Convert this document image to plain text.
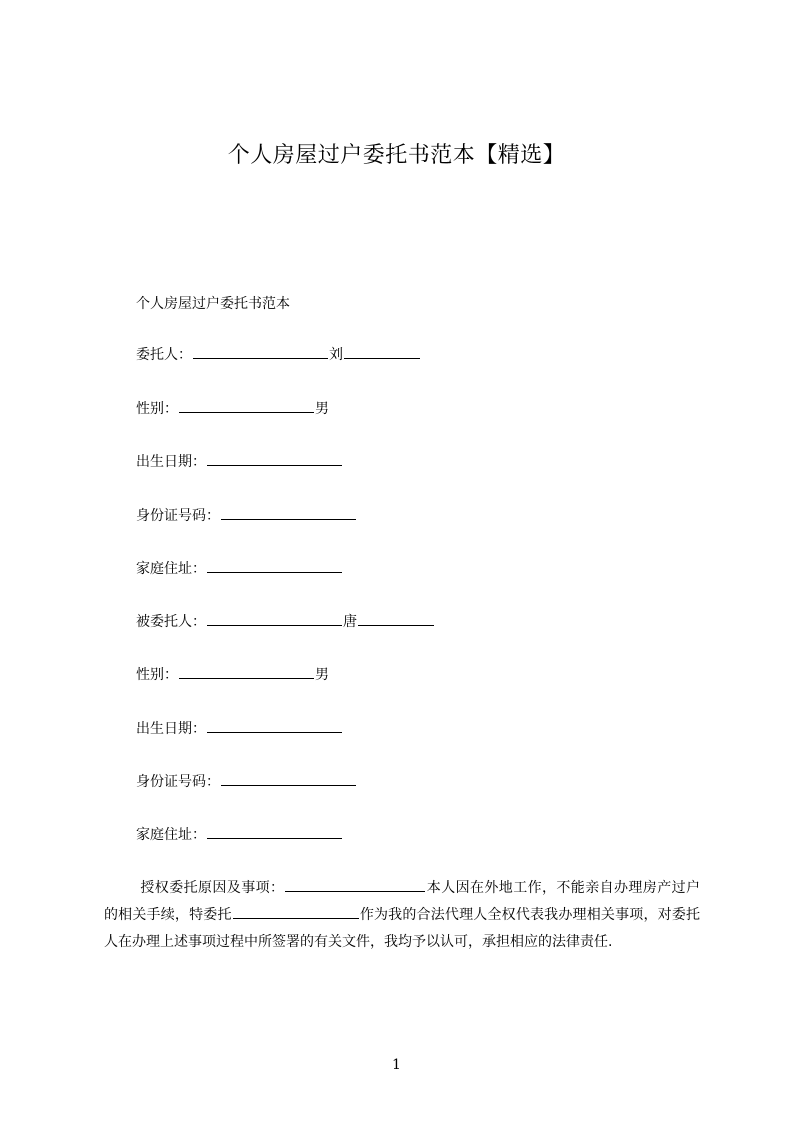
个人房屋过户委托书范本【精选】
个人房屋过户委托书范本
委托人：	刘
性别：	男
出生日期：
身份证号码：
家庭住址：
被委托人：	唐
性别：	男
出生日期：
身份证号码：
家庭住址：
授权委托原因及事项：	本人因在外地工作，不能亲自办理房产过户的相关手续，特委托	作为我的合法代理人全权代表我办理相关事项，对委托人在办理上述事项过程中所签署的有关文件，我均予以认可，承担相应的法律责任.
1
